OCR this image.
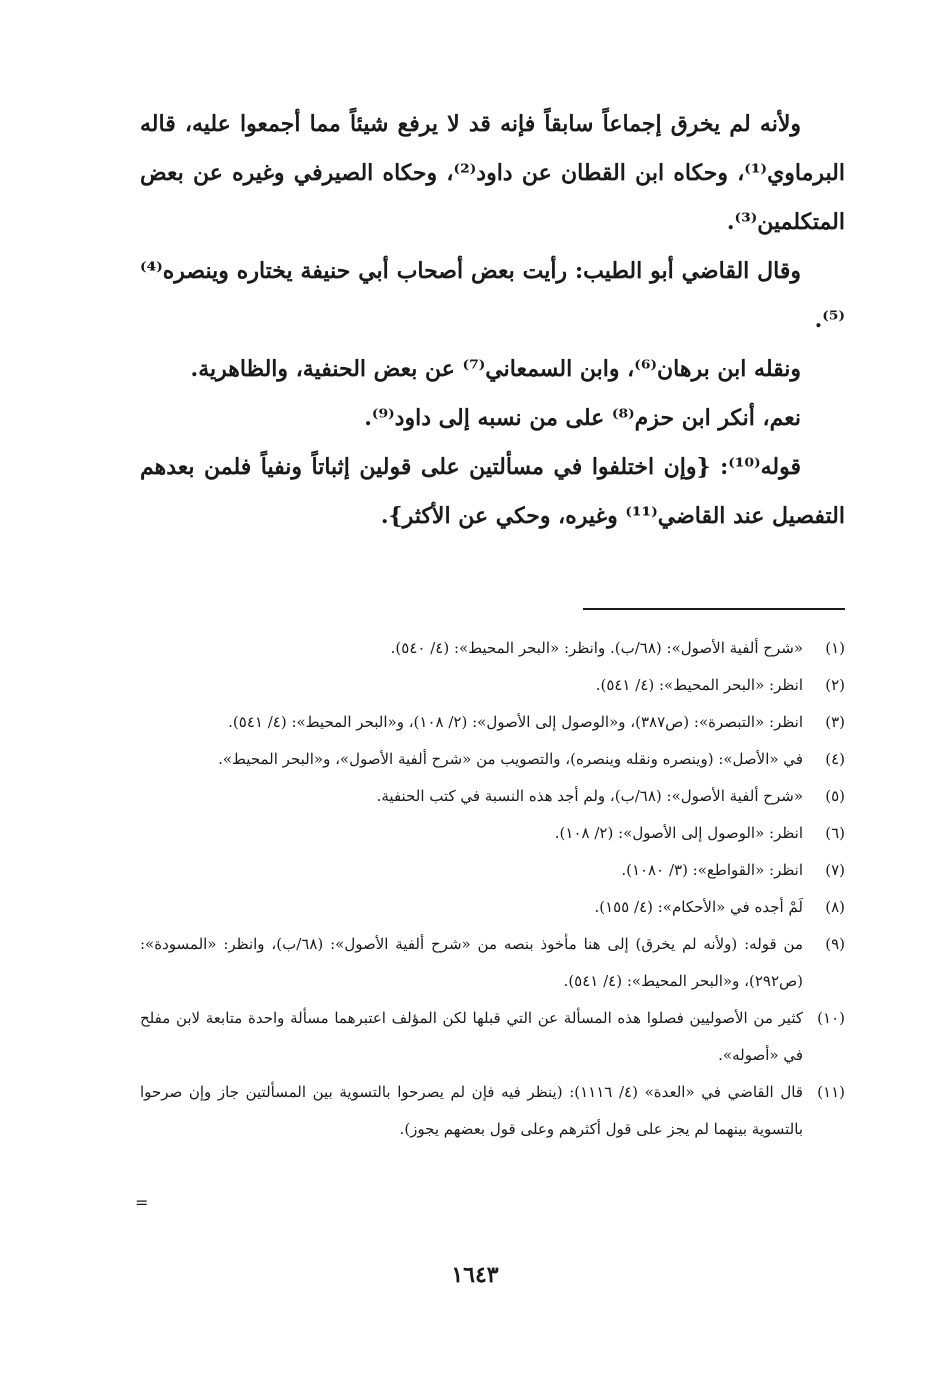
ولأنه لم يخرق إجماعاً سابقاً فإنه قد لا يرفع شيئاً مما أجمعوا عليه، قاله البرماوي⁽¹⁾، وحكاه ابن القطان عن داود⁽²⁾، وحكاه الصيرفي وغيره عن بعض المتكلمين⁽³⁾.

وقال القاضي أبو الطيب: رأيت بعض أصحاب أبي حنيفة يختاره وينصره⁽⁴⁾⁽⁵⁾.

ونقله ابن برهان⁽⁶⁾، وابن السمعاني⁽⁷⁾ عن بعض الحنفية، والظاهرية.

نعم، أنكر ابن حزم⁽⁸⁾ على من نسبه إلى داود⁽⁹⁾.

قوله⁽¹⁰⁾: {وإن اختلفوا في مسألتين على قولين إثباتاً ونفياً فلمن بعدهم التفصيل عند القاضي⁽¹¹⁾ وغيره، وحكي عن الأكثر}.

(١)
«شرح ألفية الأصول»: (٦٨/ب). وانظر: «البحر المحيط»: (٤/ ٥٤٠).
(٢)
انظر: «البحر المحيط»: (٤/ ٥٤١).
(٣)
انظر: «التبصرة»: (ص٣٨٧)، و«الوصول إلى الأصول»: (٢/ ١٠٨)، و«البحر المحيط»: (٤/ ٥٤١).
(٤)
في «الأصل»: (وينصره ونقله وينصره)، والتصويب من «شرح ألفية الأصول»، و«البحر المحيط».
(٥)
«شرح ألفية الأصول»: (٦٨/ب)، ولم أجد هذه النسبة في كتب الحنفية.
(٦)
انظر: «الوصول إلى الأصول»: (٢/ ١٠٨).
(٧)
انظر: «القواطع»: (٣/ ١٠٨٠).
(٨)
لَمْ أجده في «الأحكام»: (٤/ ١٥٥).
(٩)
من قوله: (ولأنه لم يخرق) إلى هنا مأخوذ بنصه من «شرح ألفية الأصول»: (٦٨/ب)، وانظر: «المسودة»: (ص٢٩٢)، و«البحر المحيط»: (٤/ ٥٤١).
(١٠)
كثير من الأصوليين فصلوا هذه المسألة عن التي قبلها لكن المؤلف اعتبرهما مسألة واحدة متابعة لابن مفلح في «أصوله».
(١١)
قال القاضي في «العدة» (٤/ ١١١٦): (ينظر فيه فإن لم يصرحوا بالتسوية بين المسألتين جاز وإن صرحوا بالتسوية بينهما لم يجز على قول أكثرهم وعلى قول بعضهم يجوز).
=
١٦٤٣
